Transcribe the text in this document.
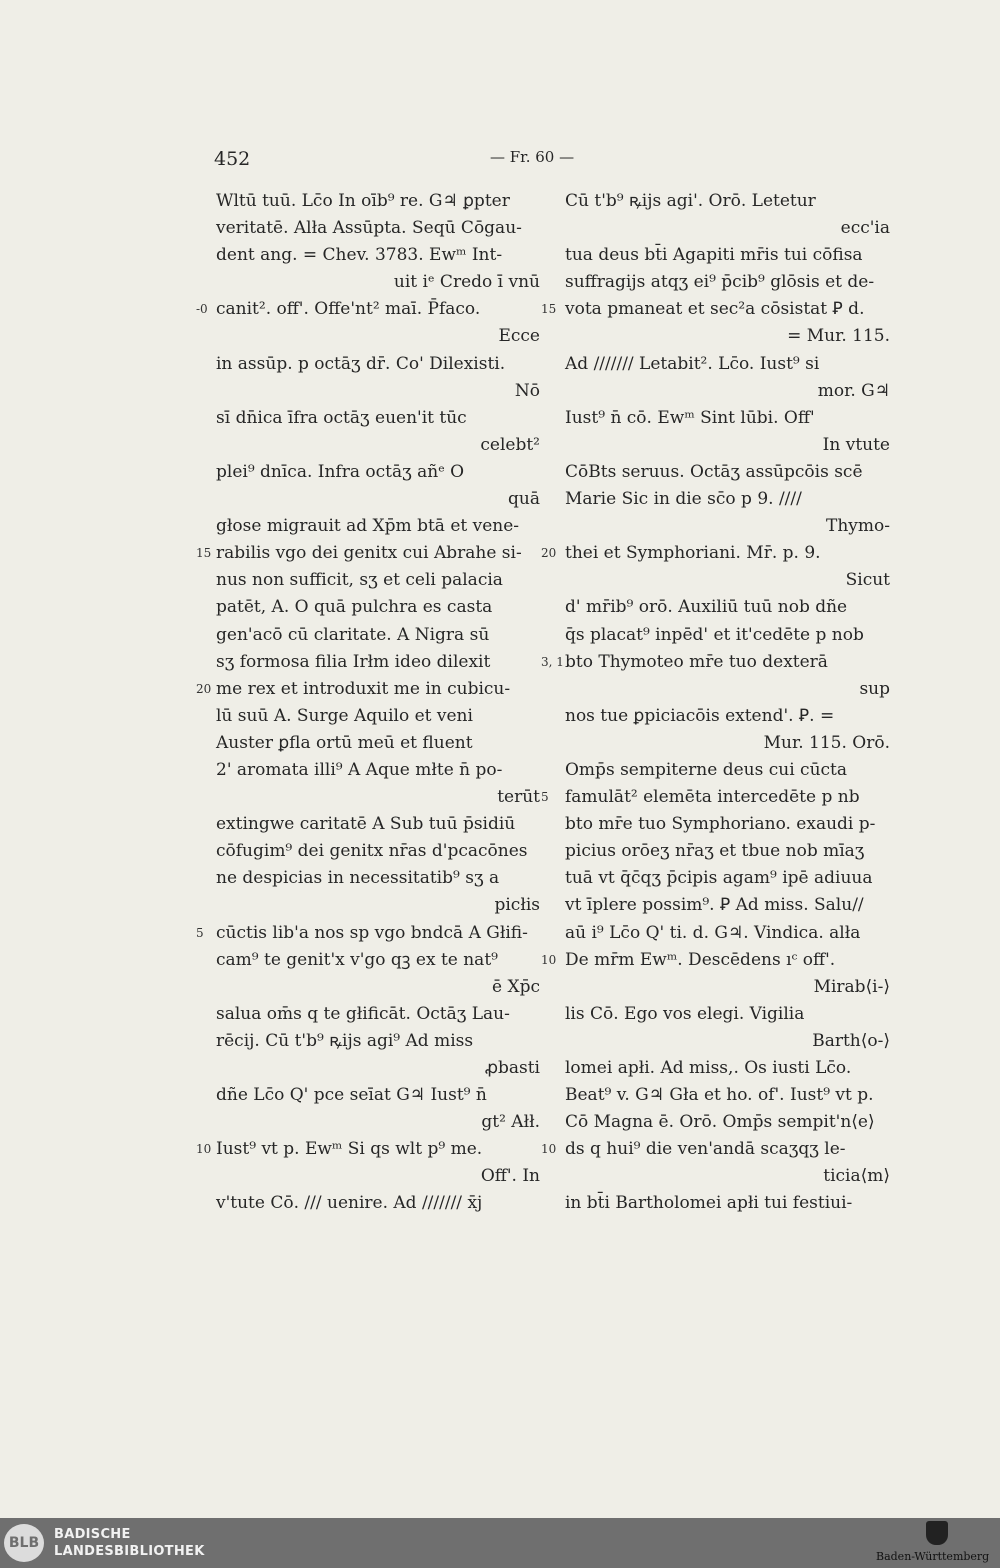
452	— Fr. 60 —
Wltū tuū. Lc̄o In oīb⁹ re. G♃ ꝑpter
veritatē. Alła Assūpta. Seqū Cōgau-
dent ang. = Chev. 3783. Ewᵐ Int-
uit iᵉ Credo ī vnū
canit². off'. Offe'nt² maī. P̄faco.
-0
Ecce
in assūp. p octāʒ dr̄. Co' Dilexisti.
Nō
sī dn̄ica īfra octāʒ euen'it tūc
celebt²
plei⁹ dnīca. Infra octāʒ añᵉ O
quā
głose migrauit ad Xp̄m btā et vene-
rabilis vgo dei genitx cui Abrahe si-
15
nus non sufficit, sʒ et celi palacia
patēt, A. O quā pulchra es casta
gen'acō cū claritate. A Nigra sū
sʒ formosa filia Irłm ideo dilexit
me rex et introduxit me in cubicu-
20
lū suū A. Surge Aquilo et veni
Auster ꝑfla ortū meū et fluent
2' aromata illi⁹ A Aque młte n̄ po-
terūt
extingwe caritatē A Sub tuū p̄sidiū
cōfugim⁹ dei genitx nr̄as d'pcacōnes
ne despicias in necessitatib⁹ sʒ a
picłis
cūctis lib'a nos sp vgo bndcā A Głifi-
5
cam⁹ te genit'x v'go qꝫ ex te nat⁹
ē Xp̄c
salua om̄s q te głificāt. Octāʒ Lau-
rēcij. Cū t'b⁹ ꝶijs agi⁹ Ad miss
ꝓbasti
dñe Lc̄o Q' pce seīat G♃ Iust⁹ n̄
gt² Ałł.
Iust⁹ vt p. Ewᵐ Si qs wlt p⁹ me.
10
Off'. In
v'tute Cō. /// uenire. Ad /////// x̄j
Cū t'b⁹ ꝶijs agi'. Orō. Letetur
ecc'ia
tua deus bt̄i Agapiti mr̄is tui cōfisa
suffragijs atqʒ ei⁹ p̄cib⁹ glōsis et de-
vota pmaneat et sec²a cōsistat Ꝑ d.
15
= Mur. 115.
Ad /////// Letabit². Lc̄o. Iust⁹ si
mor. G♃
Iust⁹ n̄ cō. Ewᵐ Sint lūbi. Off'
In vtute
CōBts seruus. Octāʒ assūpcōis scē
Marie Sic in die sc̄o p 9. ////
Thymo-
thei et Symphoriani. Mr̄. p. 9.
20
Sicut
d' mr̄ib⁹ orō. Auxiliū tuū nob dñe
q̄s placat⁹ inpēd' et it'cedēte p nob
bto Thymoteo mr̄e tuo dexterā
3, 1
sup
nos tue ꝑpiciacōis extend'. Ꝑ. =
Mur. 115. Orō.
Omp̄s sempiterne deus cui cūcta
famulāt² elemēta intercedēte p nb
5
bto mr̄e tuo Symphoriano. exaudi p-
picius orōeʒ nr̄aʒ et tbue nob mīaʒ
tuā vt q̄c̄qʒ p̄cipis agam⁹ ipē adiuua
vt īplere possim⁹. Ꝑ Ad miss. Salu//
aū i⁹ Lc̄o Q' ti. d. G♃. Vindica. alła
De mr̄m Ewᵐ. Descēdens ıᶜ off'.
10
Mirab⟨i-⟩
lis Cō. Ego vos elegi. Vigilia
Barth⟨o-⟩
lomei apłi. Ad miss,. Os iusti Lc̄o.
Beat⁹ v. G♃ Głа et ho. of'. Iust⁹ vt p.
Cō Magna ē. Orō. Omp̄s sempit'n⟨e⟩
ds q hui⁹ die ven'andā scaʒqʒ le-
10
ticia⟨m⟩
in bt̄i Bartholomei apłi tui festiui-
BLB
BADISCHE
LANDESBIBLIOTHEK	Baden-Württemberg
